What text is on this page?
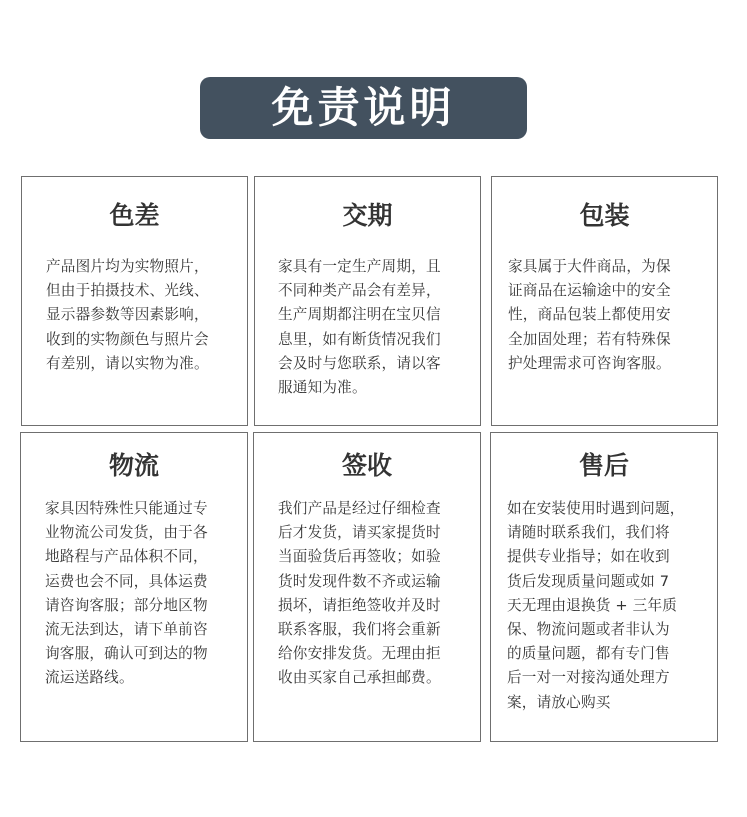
免责说明
色差
产品图片均为实物照片，
但由于拍摄技术、光线、
显示器参数等因素影响，
收到的实物颜色与照片会
有差别，请以实物为准。
交期
家具有一定生产周期，且
不同种类产品会有差异，
生产周期都注明在宝贝信
息里，如有断货情况我们
会及时与您联系，请以客
服通知为准。
包装
家具属于大件商品，为保
证商品在运输途中的安全
性，商品包装上都使用安
全加固处理；若有特殊保
护处理需求可咨询客服。
物流
家具因特殊性只能通过专
业物流公司发货，由于各
地路程与产品体积不同，
运费也会不同，具体运费
请咨询客服；部分地区物
流无法到达，请下单前咨
询客服，确认可到达的物
流运送路线。
签收
我们产品是经过仔细检查
后才发货，请买家提货时
当面验货后再签收；如验
货时发现件数不齐或运输
损坏，请拒绝签收并及时
联系客服，我们将会重新
给你安排发货。无理由拒
收由买家自己承担邮费。
售后
如在安装使用时遇到问题，
请随时联系我们，我们将
提供专业指导；如在收到
货后发现质量问题或如 7
天无理由退换货 + 三年质
保、物流问题或者非认为
的质量问题，都有专门售
后一对一对接沟通处理方
案，请放心购买
